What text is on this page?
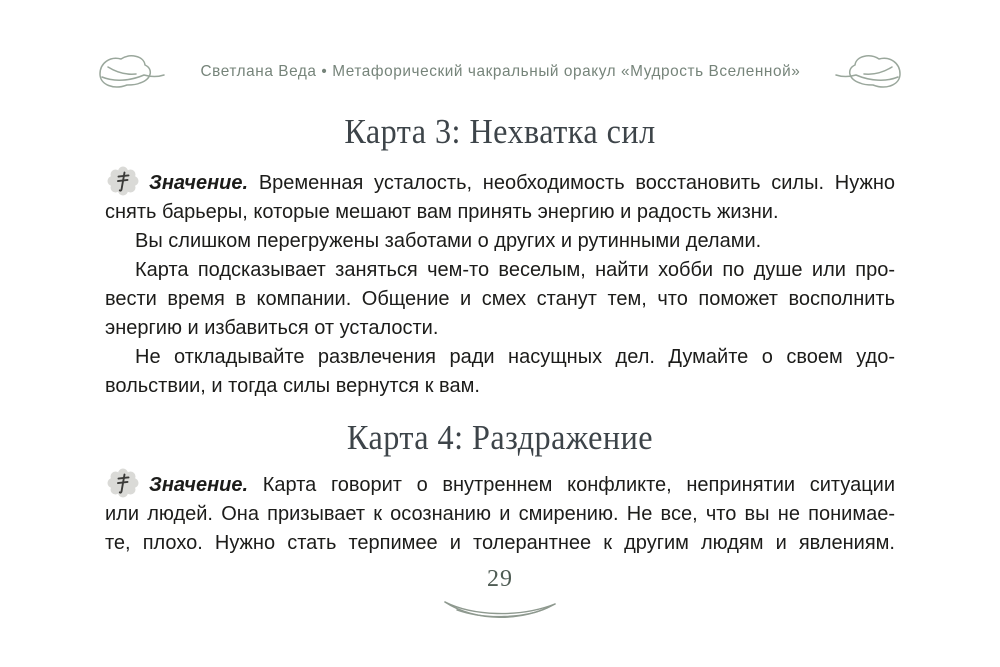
Светлана Веда • Метафорический чакральный оракул «Мудрость Вселенной»
Карта 3: Нехватка сил
Значение. Временная усталость, необходимость восстановить силы. Нужно
снять барьеры, которые мешают вам принять энергию и радость жизни.
Вы слишком перегружены заботами о других и рутинными делами.
Карта подсказывает заняться чем-то веселым, найти хобби по душе или про-
вести время в компании. Общение и смех станут тем, что поможет восполнить
энергию и избавиться от усталости.
Не откладывайте развлечения ради насущных дел. Думайте о своем удо-
вольствии, и тогда силы вернутся к вам.
Карта 4: Раздражение
Значение. Карта говорит о внутреннем конфликте, непринятии ситуации
или людей. Она призывает к осознанию и смирению. Не все, что вы не понимае-
те, плохо. Нужно стать терпимее и толерантнее к другим людям и явлениям.
29
